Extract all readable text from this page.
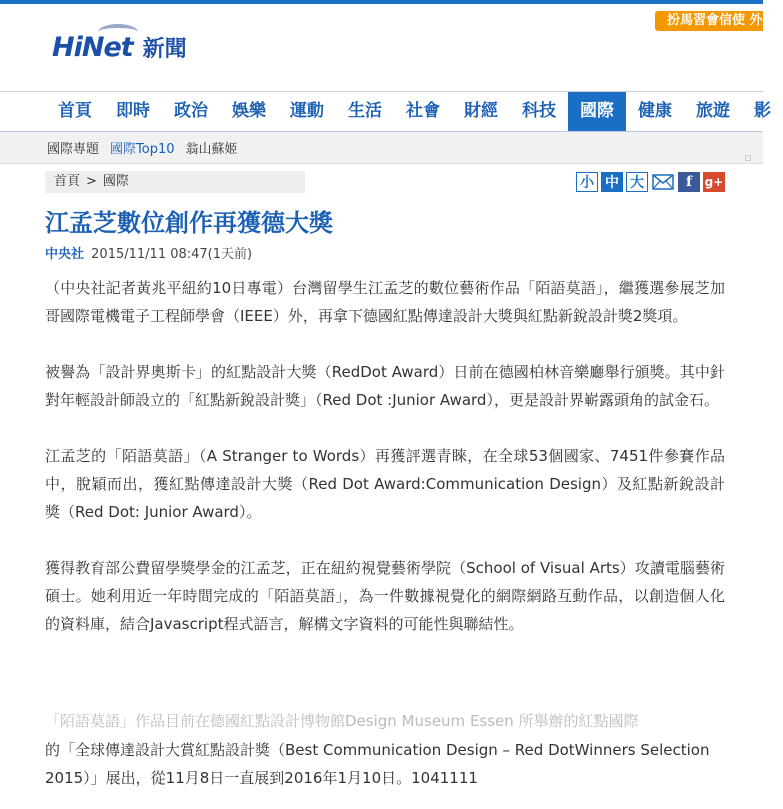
扮馬習會信使 外
HiNet 新聞
首頁	即時	政治	娛樂	運動	生活	社會	財經	科技	國際	健康	旅遊	影
國際專題 國際Top10 翁山蘇姬
首頁 > 國際	小 中 大	f	g+
江孟芝數位創作再獲德大獎
中央社 2015/11/11 08:47(1天前)

（中央社記者黃兆平紐約10日專電）台灣留學生江孟芝的數位藝術作品「陌語莫語」，繼獲選參展芝加哥國際電機電子工程師學會（IEEE）外，再拿下德國紅點傳達設計大獎與紅點新銳設計獎2獎項。

被譽為「設計界奧斯卡」的紅點設計大獎（RedDot Award）日前在德國柏林音樂廳舉行頒獎。其中針對年輕設計師設立的「紅點新銳設計獎」（Red Dot :Junior Award），更是設計界嶄露頭角的試金石。

江孟芝的「陌語莫語」（A Stranger to Words）再獲評選青睞，在全球53個國家、7451件參賽作品中，脫穎而出，獲紅點傳達設計大獎（Red Dot Award:Communication Design）及紅點新銳設計獎（Red Dot: Junior Award）。

獲得教育部公費留學獎學金的江孟芝，正在紐約視覺藝術學院（School of Visual Arts）攻讀電腦藝術碩士。她利用近一年時間完成的「陌語莫語」，為一件數據視覺化的網際網路互動作品，以創造個人化的資料庫，結合Javascript程式語言，解構文字資料的可能性與聯結性。

「陌語莫語」作品目前在德國紅點設計博物館Design Museum Essen 所舉辦的紅點國際

的「全球傳達設計大賞紅點設計獎（Best Communication Design – Red DotWinners Selection 2015）」展出，從11月8日一直展到2016年1月10日。1041111
